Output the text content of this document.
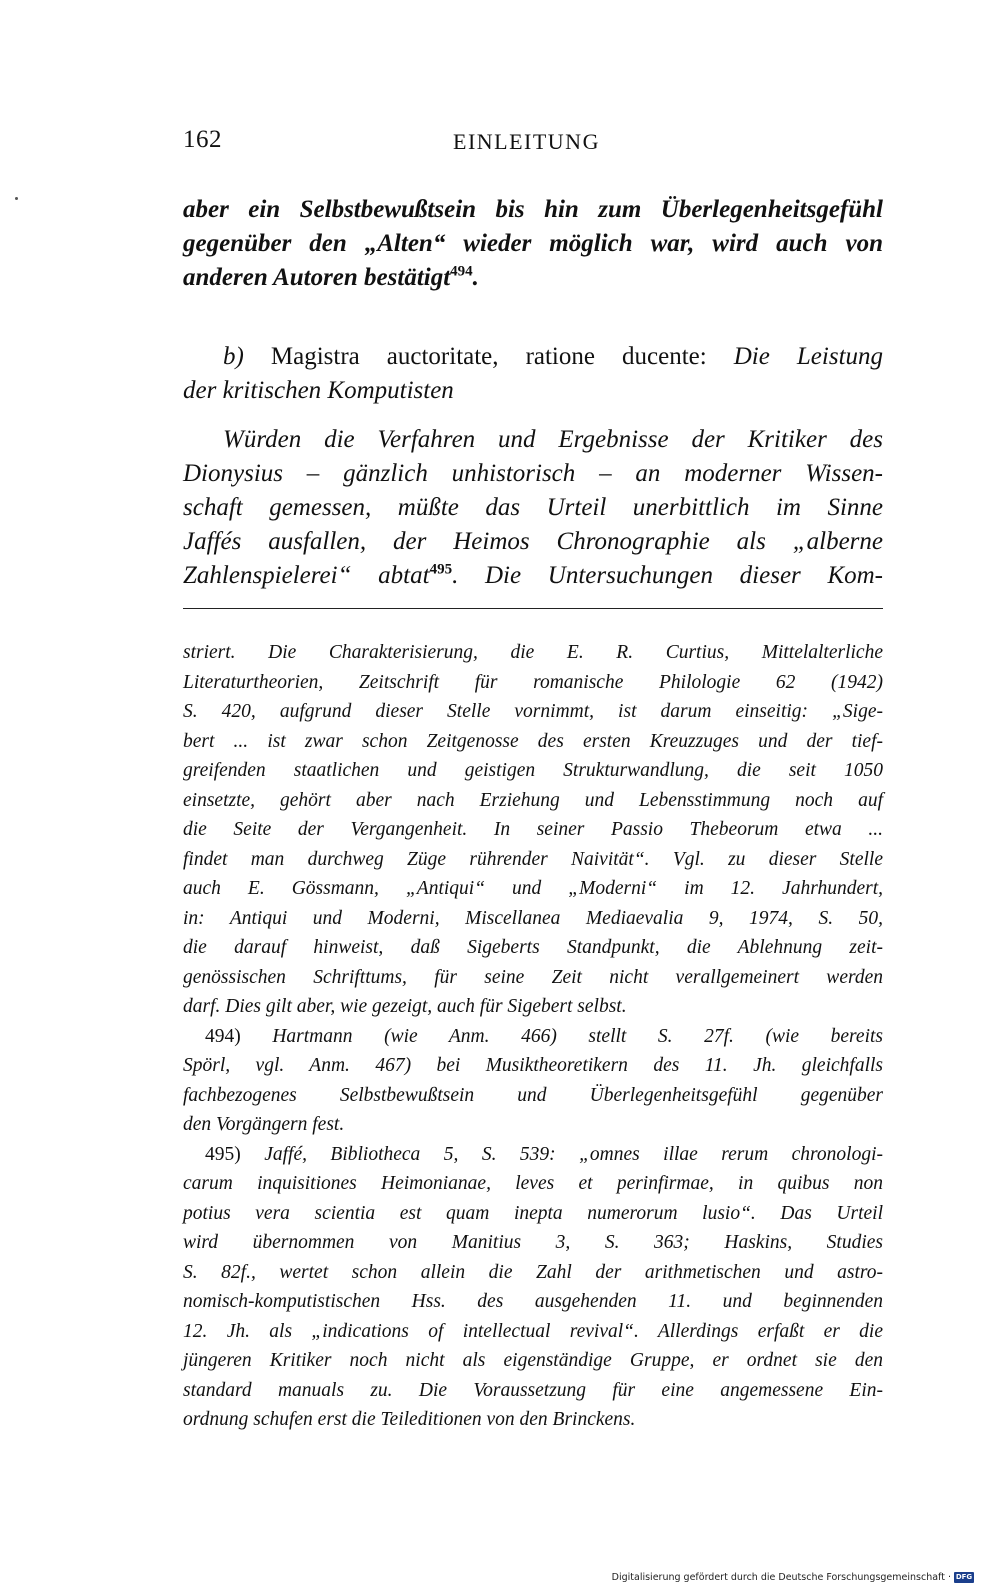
162	EINLEITUNG
aber ein Selbstbewußtsein bis hin zum Überlegenheitsgefühl
gegenüber den „Alten“ wieder möglich war, wird auch von
anderen Autoren bestätigt$^{494}$.
b) Magistra auctoritate, ratione ducente: Die Leistung
der kritischen Komputisten
Würden die Verfahren und Ergebnisse der Kritiker des
Dionysius – gänzlich unhistorisch – an moderner Wissen-
schaft gemessen, müßte das Urteil unerbittlich im Sinne
Jaffés ausfallen, der Heimos Chronographie als „alberne
Zahlenspielerei“ abtat$^{495}$. Die Untersuchungen dieser Kom-
striert. Die Charakterisierung, die E. R. Curtius, Mittelalterliche
Literaturtheorien, Zeitschrift für romanische Philologie 62 (1942)
S. 420, aufgrund dieser Stelle vornimmt, ist darum einseitig: „Sige-
bert ... ist zwar schon Zeitgenosse des ersten Kreuzzuges und der tief-
greifenden staatlichen und geistigen Strukturwandlung, die seit 1050
einsetzte, gehört aber nach Erziehung und Lebensstimmung noch auf
die Seite der Vergangenheit. In seiner Passio Thebeorum etwa ...
findet man durchweg Züge rührender Naivität“. Vgl. zu dieser Stelle
auch E. Gössmann, „Antiqui“ und „Moderni“ im 12. Jahrhundert,
in: Antiqui und Moderni, Miscellanea Mediaevalia 9, 1974, S. 50,
die darauf hinweist, daß Sigeberts Standpunkt, die Ablehnung zeit-
genössischen Schrifttums, für seine Zeit nicht verallgemeinert werden
darf. Dies gilt aber, wie gezeigt, auch für Sigebert selbst.
494) Hartmann (wie Anm. 466) stellt S. 27f. (wie bereits
Spörl, vgl. Anm. 467) bei Musiktheoretikern des 11. Jh. gleichfalls
fachbezogenes Selbstbewußtsein und Überlegenheitsgefühl gegenüber
den Vorgängern fest.
495) Jaffé, Bibliotheca 5, S. 539: „omnes illae rerum chronologi-
carum inquisitiones Heimonianae, leves et perinfirmae, in quibus non
potius vera scientia est quam inepta numerorum lusio“. Das Urteil
wird übernommen von Manitius 3, S. 363; Haskins, Studies
S. 82f., wertet schon allein die Zahl der arithmetischen und astro-
nomisch-komputistischen Hss. des ausgehenden 11. und beginnenden
12. Jh. als „indications of intellectual revival“. Allerdings erfaßt er die
jüngeren Kritiker noch nicht als eigenständige Gruppe, er ordnet sie den
standard manuals zu. Die Voraussetzung für eine angemessene Ein-
ordnung schufen erst die Teileditionen von den Brinckens.
Digitalisierung gefördert durch die Deutsche Forschungsgemeinschaft · DFG
